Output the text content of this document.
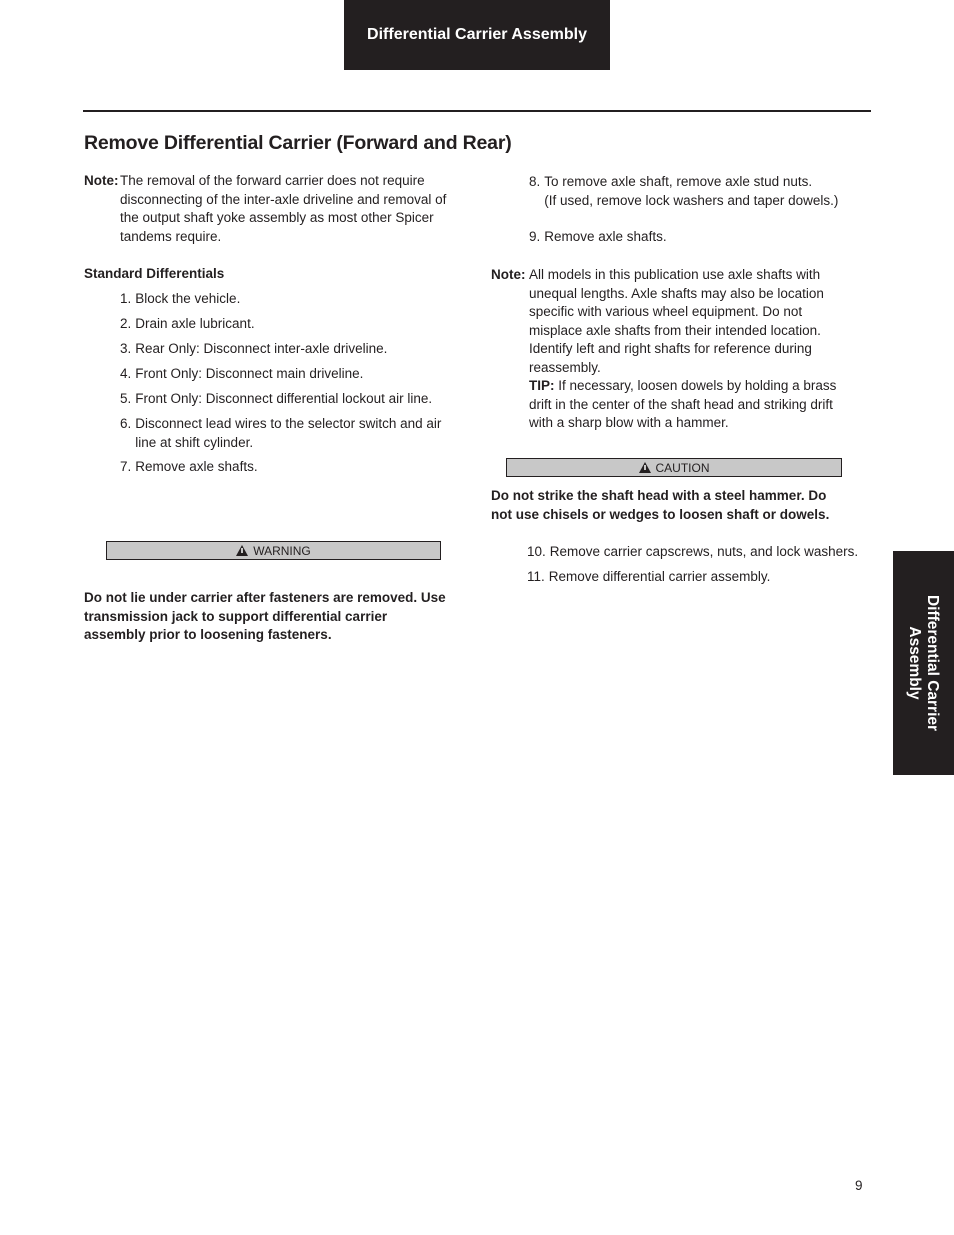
Differential Carrier Assembly
Remove Differential Carrier (Forward and Rear)
Note: The removal of the forward carrier does not require disconnecting of the inter-axle driveline and removal of the output shaft yoke assembly as most other Spicer tandems require.
Standard Differentials
1. Block the vehicle.
2. Drain axle lubricant.
3. Rear Only: Disconnect inter-axle driveline.
4. Front Only: Disconnect main driveline.
5. Front Only: Disconnect differential lockout air line.
6. Disconnect lead wires to the selector switch and air line at shift cylinder.
7. Remove axle shafts.
WARNING
Do not lie under carrier after fasteners are removed. Use transmission jack to support differential carrier assembly prior to loosening fasteners.
8. To remove axle shaft, remove axle stud nuts.
(If used, remove lock washers and taper dowels.)
9. Remove axle shafts.
Note: All models in this publication use axle shafts with unequal lengths. Axle shafts may also be location specific with various wheel equipment. Do not misplace axle shafts from their intended location. Identify left and right shafts for reference during reassembly.
TIP: If necessary, loosen dowels by holding a brass drift in the center of the shaft head and striking drift with a sharp blow with a hammer.
CAUTION
Do not strike the shaft head with a steel hammer. Do not use chisels or wedges to loosen shaft or dowels.
10. Remove carrier capscrews, nuts, and lock washers.
11. Remove differential carrier assembly.
Differential Carrier Assembly
9
